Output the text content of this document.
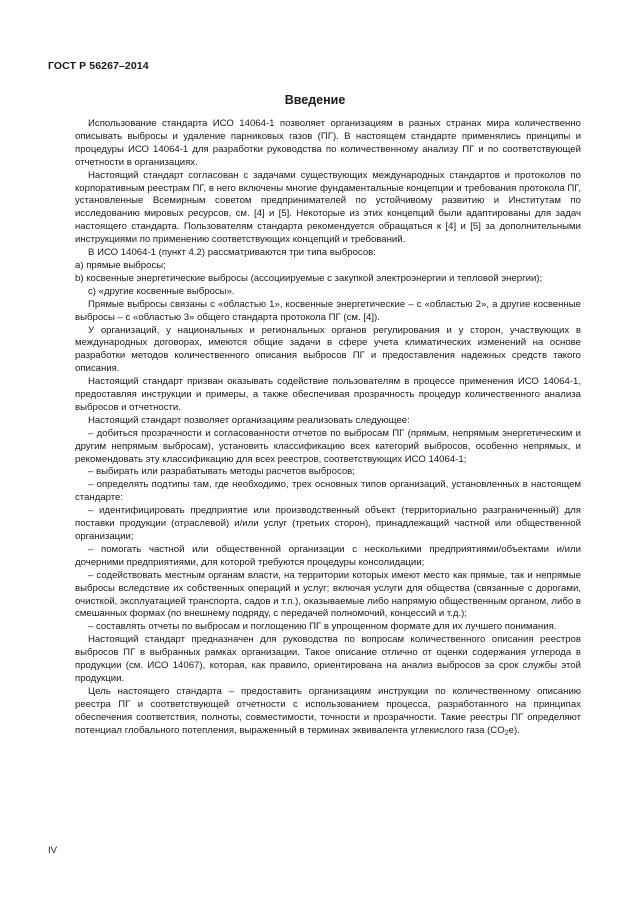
ГОСТ Р 56267–2014
Введение

Использование стандарта ИСО 14064-1 позволяет организациям в разных странах мира количественно описывать выбросы и удаление парниковых газов (ПГ). В настоящем стандарте применялись принципы и процедуры ИСО 14064-1 для разработки руководства по количественному анализу ПГ и по соответствующей отчетности в организациях.

Настоящий стандарт согласован с задачами существующих международных стандартов и протоколов по корпоративным реестрам ПГ, в него включены многие фундаментальные концепции и требования протокола ПГ, установленные Всемирным советом предпринимателей по устойчивому развитию и Институтам по исследованию мировых ресурсов, см. [4] и [5]. Некоторые из этих концепций были адаптированы для задач настоящего стандарта. Пользователям стандарта рекомендуется обращаться к [4] и [5] за дополнительными инструкциями по применению соответствующих концепций и требований.

В ИСО 14064-1 (пункт 4.2) рассматриваются три типа выбросов:

а) прямые выбросы;

b) косвенные энергетические выбросы (ассоциируемые с закупкой электроэнергии и тепловой энергии);

c) «другие косвенные выбросы».

Прямые выбросы связаны с «областью 1», косвенные энергетические – с «областью 2», а другие косвенные выбросы – с «областью 3» общего стандарта протокола ПГ (см. [4]).

У организаций, у национальных и региональных органов регулирования и у сторон, участвующих в международных договорах, имеются общие задачи в сфере учета климатических изменений на основе разработки методов количественного описания выбросов ПГ и предоставления надежных средств такого описания.

Настоящий стандарт призван оказывать содействие пользователям в процессе применения ИСО 14064-1, предоставляя инструкции и примеры, а также обеспечивая прозрачность процедур количественного анализа выбросов и отчетности.

Настоящий стандарт позволяет организациям реализовать следующее:

– добиться прозрачности и согласованности отчетов по выбросам ПГ (прямым, непрямым энергетическим и другим непрямым выбросам), установить классификацию всех категорий выбросов, особенно непрямых, и рекомендовать эту классификацию для всех реестров, соответствующих ИСО 14064-1;

– выбирать или разрабатывать методы расчетов выбросов;

– определять подтипы там, где необходимо, трех основных типов организаций, установленных в настоящем стандарте:

– идентифицировать предприятие или производственный объект (территориально разграниченный) для поставки продукции (отраслевой) и/или услуг (третьих сторон), принадлежащий частной или общественной организации;

– помогать частной или общественной организации с несколькими предприятиями/объектами и/или дочерними предприятиями, для которой требуются процедуры консолидации;

– содействовать местным органам власти, на территории которых имеют место как прямые, так и непрямые выбросы вследствие их собственных операций и услуг; включая услуги для общества (связанные с дорогами, очисткой, эксплуатацией транспорта, садов и т.п.), оказываемые либо напрямую общественным органом, либо в смешанных формах (по внешнему подряду, с передачей полномочий, концессий и т.д.);

– составлять отчеты по выбросам и поглощению ПГ в упрощенном формате для их лучшего понимания.

Настоящий стандарт предназначен для руководства по вопросам количественного описания реестров выбросов ПГ в выбранных рамках организации. Такое описание отлично от оценки содержания углерода в продукции (см. ИСО 14067), которая, как правило, ориентирована на анализ выбросов за срок службы этой продукции.

Цель настоящего стандарта – предоставить организациям инструкции по количественному описанию реестра ПГ и соответствующей отчетности с использованием процесса, разработанного на принципах обеспечения соответствия, полноты, совместимости, точности и прозрачности. Такие реестры ПГ определяют потенциал глобального потепления, выраженный в терминах эквивалента углекислого газа $(CO_2е)$.

IV
